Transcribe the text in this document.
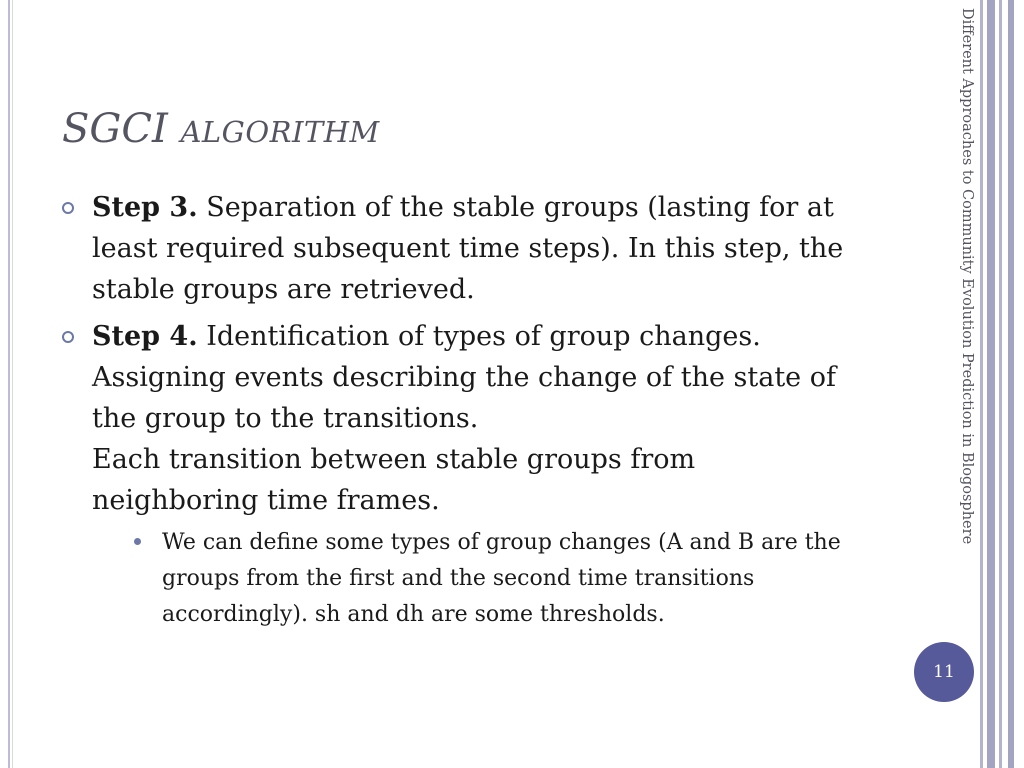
SGCI ALGORITHM
Step 3. Separation of the stable groups (lasting for at least required subsequent time steps). In this step, the stable groups are retrieved.
Step 4. Identification of types of group changes. Assigning events describing the change of the state of the group to the transitions.
Each transition between stable groups from neighboring time frames.
We can define some types of group changes (A and B are the groups from the first and the second time transitions accordingly). sh and dh are some thresholds.
Different Approaches to Community Evolution Prediction in Blogosphere
11
